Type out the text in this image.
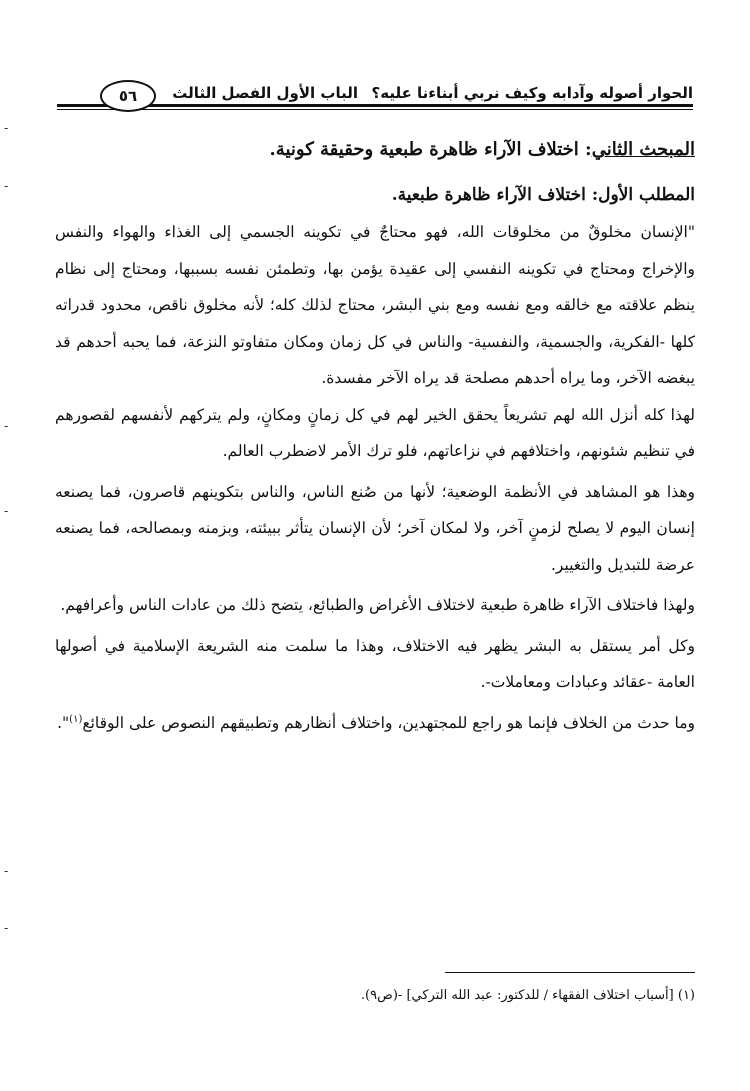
الحوار أصوله وآدابه وكيف نربي أبناءنا عليه؟
الباب الأول الفصل الثالث
٥٦

المبحث الثاني: اختلاف الآراء ظاهرة طبعية وحقيقة كونية.

المطلب الأول: اختلاف الآراء ظاهرة طبعية.

"الإنسان مخلوقٌ من مخلوقات الله، فهو محتاجٌ في تكوينه الجسمي إلى الغذاء والهواء والنفس والإخراج ومحتاج في تكوينه النفسي إلى عقيدة يؤمن بها، وتطمئن نفسه بسببها، ومحتاج إلى نظام ينظم علاقته مع خالقه ومع نفسه ومع بني البشر، محتاج لذلك كله؛ لأنه مخلوق ناقص، محدود قدراته كلها -الفكرية، والجسمية، والنفسية- والناس في كل زمان ومكان متفاوتو النزعة، فما يحبه أحدهم قد يبغضه الآخر، وما يراه أحدهم مصلحة قد يراه الآخر مفسدة.

لهذا كله أنزل الله لهم تشريعاً يحقق الخير لهم في كل زمانٍ ومكانٍ، ولم يتركهم لأنفسهم لقصورهم في تنظيم شئونهم، واختلافهم في نزاعاتهم، فلو ترك الأمر لاضطرب العالم.

وهذا هو المشاهد في الأنظمة الوضعية؛ لأنها من صُنع الناس، والناس بتكوينهم قاصرون، فما يصنعه إنسان اليوم لا يصلح لزمنٍ آخر، ولا لمكان آخر؛ لأن الإنسان يتأثر ببيئته، وبزمنه وبمصالحه، فما يصنعه عرضة للتبديل والتغيير.

ولهذا فاختلاف الآراء ظاهرة طبعية لاختلاف الأغراض والطبائع، يتضح ذلك من عادات الناس وأعرافهم.

وكل أمر يستقل به البشر يظهر فيه الاختلاف، وهذا ما سلمت منه الشريعة الإسلامية في أصولها العامة -عقائد وعبادات ومعاملات-.

وما حدث من الخلاف فإنما هو راجع للمجتهدين، واختلاف أنظارهم وتطبيقهم النصوص على الوقائع$^{(١)}$".

(١) [أسباب اختلاف الفقهاء / للدكتور: عبد الله التركي] -(ص٩).
-
-
-
-
-
-
